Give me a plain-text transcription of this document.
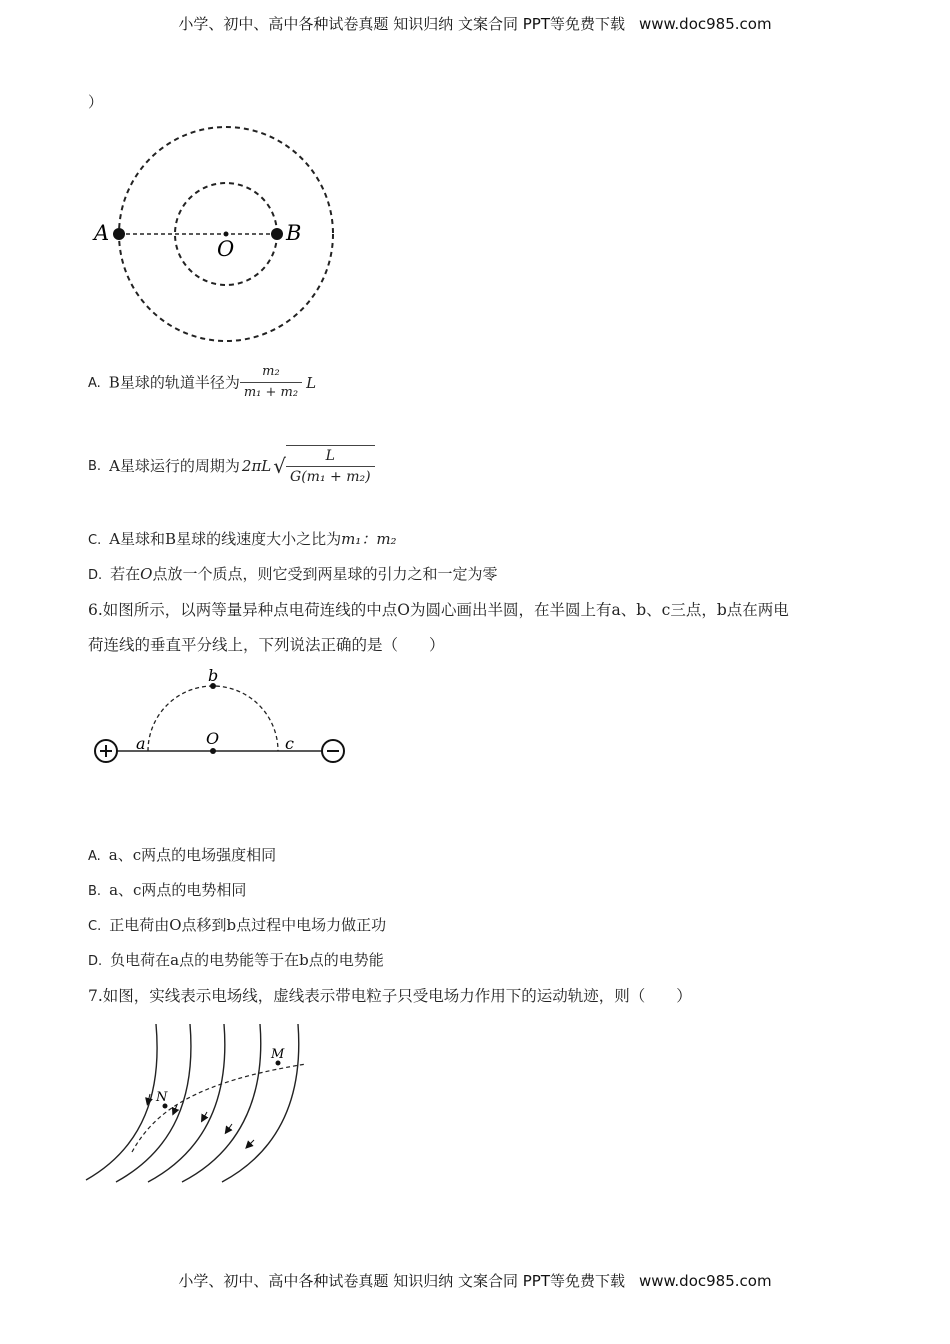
小学、初中、高中各种试卷真题 知识归纳 文案合同 PPT等免费下载 www.doc985.com
）
A	B
O
A. B星球的轨道半径为 $\frac{\text{m₂}}{\text{m₁ + m₂}}$ L
B. A星球运行的周期为 2πL √ $\frac{L}{\text{G(m₁ + m₂)}}$
C. A星球和B星球的线速度大小之比为m₁：m₂
D. 若在O点放一个质点，则它受到两星球的引力之和一定为零
6.如图所示，以两等量异种点电荷连线的中点O为圆心画出半圆，在半圆上有a、b、c三点，b点在两电
荷连线的垂直平分线上，下列说法正确的是（　　）
b
a	O	c
A. a、c两点的电场强度相同
B. a、c两点的电势相同
C. 正电荷由O点移到b点过程中电场力做正功
D. 负电荷在a点的电势能等于在b点的电势能
7.如图，实线表示电场线，虚线表示带电粒子只受电场力作用下的运动轨迹，则（　　）
N
M
小学、初中、高中各种试卷真题 知识归纳 文案合同 PPT等免费下载 www.doc985.com
